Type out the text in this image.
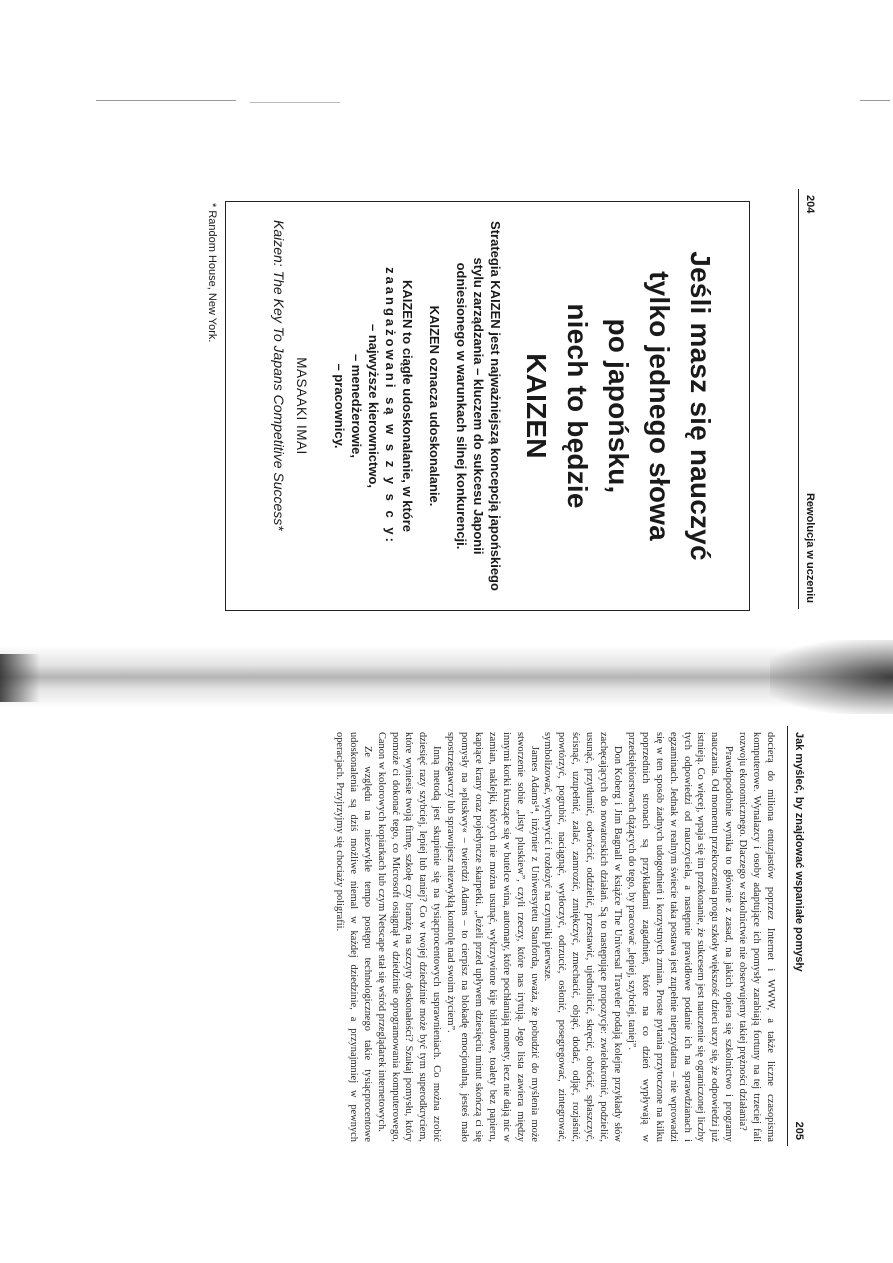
204
Rewolucja w uczeniu
Jeśli masz się nauczyć
tylko jednego słowa
po japońsku,
niech to będzie
KAIZEN

Strategia KAIZEN jest najważniejszą koncepcją japońskiego stylu zarządzania – kluczem do sukcesu Japonii odniesionego w warunkach silnej konkurencji.

KAIZEN oznacza udoskonalanie.

KAIZEN to ciągłe udoskonalanie, w które
zaangażowani są w s z y s c y:
– najwyższe kierownictwo,
– menedżerowie,
– pracownicy.
MASAAKI IMAI
Kaizen: The Key To Japans Competitive Success*
* Random House, New York.
Jak myśleć, by znajdować wspaniałe pomysły
205

docierą do miliona entuzjastów poprzez Internet i WWW, a także liczne czasopisma komputerowe. Wynalazcy i osoby adaptujące ich pomysły zarabiają fortuny na tej trzeciej fali rozwoju ekonomicznego. Dlaczego w szkolnictwie nie obserwujemy takiej prężności działania?

Prawdopodobnie wynika to głównie z zasad, na jakich opiera się szkolnictwo i programy nauczania. Od momentu przekroczenia progu szkoły większość dzieci uczy się, że odpowiedzi już istnieją. Co więcej, wpaja się im przekonanie, że sukcesem jest nauczenie się ograniczonej liczby tych odpowiedzi od nauczyciela, a następnie prawidłowe podanie ich na sprawdzianach i egzaminach. Jednak w realnym świecie taka postawa jest zupełnie nieprzydatna – nie wprowadzi się w ten sposób żadnych udogodnień i korzystnych zmian. Proste pytania przytoczone na kilku poprzednich stronach są przykładami zagadnień, które na co dzień wypływają w przedsiębiorstwach dążących do tego, by pracować „lepiej, szybciej, taniej”.

Don Koberg i Jim Bagnall w książce The Universal Traveler podają kolejne przykłady słów zachęcających do nowatorskich działań. Są to następujące propozycje: zwielokrotnić, podzielić, usunąć, przytłumić, odwrócić, oddzielić, przestawić, ujednolicić, skręcić, obrócić, spłaszczyć, ścisnąć, uzupełnić, zalać, zamrozić, zmiękczyć, zmechacić, objąć, dodać, odjąć, rozjaśnić, powtórzyć, pogrubić, naciągnąć, wytłoczyć, odrzucić, osłonić, posegregować, zintegrować, symbolizować, wychwycić i rozłożyć na czynniki pierwsze.

James Adams¹⁴, inżynier z Uniwersytetu Stanforda, uważa, że pobudzić do myślenia może stworzenie sobie „listy pluskiew”, czyli rzeczy, które nas irytują. Jego lista zawiera między innymi korki kruszące się w butelce wina, automaty, które pochłaniają monety, lecz nie dają nic w zamian, naklejki, których nie można usunąć, wykrzywione kije bilardowe, toalety bez papieru, kapiące krany oraz pojedyncze skarpetki. „Jeżeli przed upływem dziesięciu minut skończą ci się pomysły na »pluskwy« – twierdzi Adams – to cierpisz na blokadę emocjonalną, jesteś mało spostrzegawczy lub sprawujesz niezwykłą kontrolę nad swoim życiem”.

Inną metodą jest skupienie się na tysiącprocentowych usprawnieniach. Co można zrobić dziesięć razy szybciej, lepiej lub taniej? Co w twojej dziedzinie może być tym superodkryciem, które wyniesie twoją firmę, szkołę czy branżę na szczyty doskonałości? Szukaj pomysłu, który pomoże ci dokonać tego, co Microsoft osiągnął w dziedzinie oprogramowania komputerowego, Canon w kolorowych kopiarkach lub czym Netscape stał się wśród przeglądarek internetowych.

Ze względu na niezwykłe tempo postępu technologicznego takie tysiącprocentowe udoskonalenia są dziś możliwe niemal w każdej dziedzinie, a przynajmniej w pewnych operacjach. Przyjrzyjmy się chociaży poligrafii.
